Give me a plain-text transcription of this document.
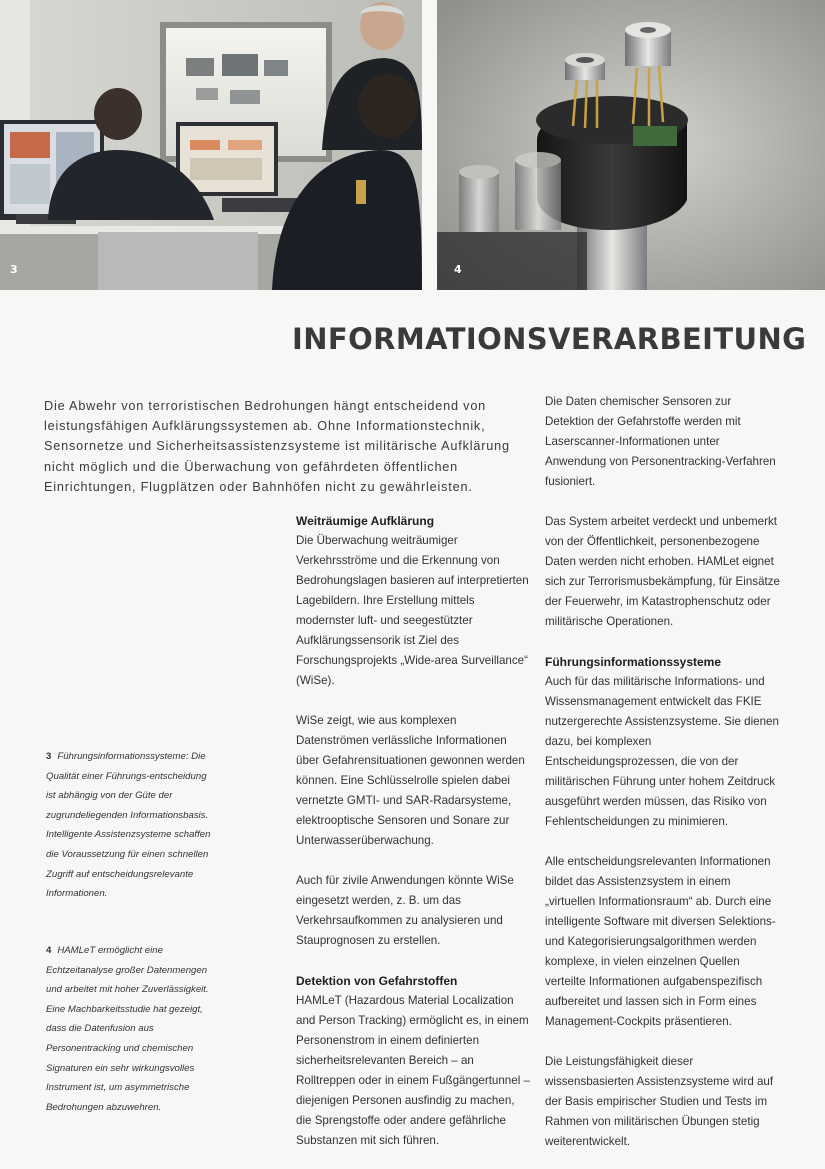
3	4
INFORMATIONSVERARBEITUNG

Die Abwehr von terroristischen Bedrohungen hängt entscheidend von leistungsfähigen Aufklärungssystemen ab. Ohne Informationstechnik, Sensornetze und Sicherheitsassistenzsysteme ist militärische Aufklärung nicht möglich und die Überwachung von gefährdeten öffentlichen Einrichtungen, Flugplätzen oder Bahnhöfen nicht zu gewährleisten.

3 Führungsinformationssysteme: Die Qualität einer Führungs-entscheidung ist abhängig von der Güte der zugrundeliegenden Informationsbasis. Intelligente Assistenzsysteme schaffen die Voraussetzung für einen schnellen Zugriff auf entscheidungsrelevante Informationen.

4 HAMLeT ermöglicht eine Echtzeitanalyse großer Datenmengen und arbeitet mit hoher Zuverlässigkeit. Eine Machbarkeitsstudie hat gezeigt, dass die Datenfusion aus Personentracking und chemischen Signaturen ein sehr wirkungsvolles Instrument ist, um asymmetrische Bedrohungen abzuwehren.

Weiträumige Aufklärung

Die Überwachung weiträumiger Verkehrsströme und die Erkennung von Bedrohungslagen basieren auf interpretierten Lagebildern. Ihre Erstellung mittels modernster luft- und seegestützter Aufklärungssensorik ist Ziel des Forschungsprojekts „Wide-area Surveillance“ (WiSe).

WiSe zeigt, wie aus komplexen Datenströmen verlässliche Informationen über Gefahrensituationen gewonnen werden können. Eine Schlüsselrolle spielen dabei vernetzte GMTI- und SAR-Radarsysteme, elektrooptische Sensoren und Sonare zur Unterwasserüberwachung.

Auch für zivile Anwendungen könnte WiSe eingesetzt werden, z. B. um das Verkehrsaufkommen zu analysieren und Stauprognosen zu erstellen.

Detektion von Gefahrstoffen

HAMLeT (Hazardous Material Localization and Person Tracking) ermöglicht es, in einem Personenstrom in einem definierten sicherheitsrelevanten Bereich – an Rolltreppen oder in einem Fußgängertunnel – diejenigen Personen ausfindig zu machen, die Sprengstoffe oder andere gefährliche Substanzen mit sich führen.

Die Daten chemischer Sensoren zur Detektion der Gefahrstoffe werden mit Laserscanner-Informationen unter Anwendung von Personentracking-Verfahren fusioniert.

Das System arbeitet verdeckt und unbemerkt von der Öffentlichkeit, personenbezogene Daten werden nicht erhoben. HAMLet eignet sich zur Terrorismusbekämpfung, für Einsätze der Feuerwehr, im Katastrophenschutz oder militärische Operationen.

Führungsinformationssysteme

Auch für das militärische Informations- und Wissensmanagement entwickelt das FKIE nutzergerechte Assistenzsysteme. Sie dienen dazu, bei komplexen Entscheidungsprozessen, die von der militärischen Führung unter hohem Zeitdruck ausgeführt werden müssen, das Risiko von Fehlentscheidungen zu minimieren.

Alle entscheidungsrelevanten Informationen bildet das Assistenzsystem in einem „virtuellen Informationsraum“ ab. Durch eine intelligente Software mit diversen Selektions- und Kategorisierungsalgorithmen werden komplexe, in vielen einzelnen Quellen verteilte Informationen aufgabenspezifisch aufbereitet und lassen sich in Form eines Management-Cockpits präsentieren.

Die Leistungsfähigkeit dieser wissensbasierten Assistenzsysteme wird auf der Basis empirischer Studien und Tests im Rahmen von militärischen Übungen stetig weiterentwickelt.
